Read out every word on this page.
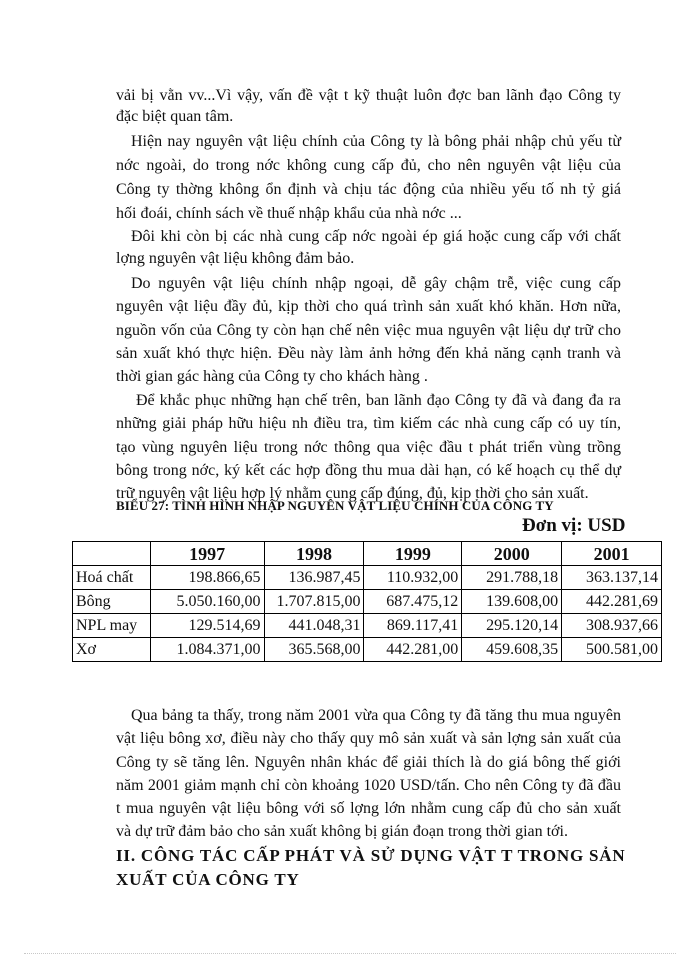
vải bị vằn vv...Vì vậy, vấn đề vật t kỹ thuật luôn đợc ban lãnh đạo Công ty
đặc biệt quan tâm.
Hiện nay nguyên vật liệu chính của Công ty là bông phải nhập chủ yếu từ
nớc ngoài, do trong nớc không cung cấp đủ, cho nên nguyên vật liệu của
Công ty thờng không ổn định và chịu tác động của nhiều yếu tố nh tỷ giá
hối đoái, chính sách về thuế nhập khẩu của nhà nớc ...
Đôi khi còn bị các nhà cung cấp nớc ngoài ép giá hoặc cung cấp với chất
lợng nguyên vật liệu không đảm bảo.
Do nguyên vật liệu chính nhập ngoại, dễ gây chậm trễ, việc cung cấp
nguyên vật liệu đầy đủ, kịp thời cho quá trình sản xuất khó khăn. Hơn nữa,
nguồn vốn của Công ty còn hạn chế nên việc mua nguyên vật liệu dự trữ cho
sản xuất khó thực hiện. Đều này làm ảnh hởng đến khả năng cạnh tranh và
thời gian gác hàng của Công ty cho khách hàng .
Để khắc phục những hạn chế trên, ban lãnh đạo Công ty đã và đang đa ra
những giải pháp hữu hiệu nh điều tra, tìm kiếm các nhà cung cấp có uy tín,
tạo vùng nguyên liệu trong nớc thông qua việc đầu t phát triển vùng trồng
bông trong nớc, ký kết các hợp đồng thu mua dài hạn, có kế hoạch cụ thể dự
trữ nguyên vật liệu hợp lý nhằm cung cấp đúng, đủ, kịp thời cho sản xuất.
BIỂU 27: TÌNH HÌNH NHẬP NGUYÊN VẬT LIỆU CHÍNH CỦA CÔNG TY
Đơn vị: USD
	1997	1998	1999	2000	2001
Hoá chất	198.866,65	136.987,45	110.932,00	291.788,18	363.137,14
Bông	5.050.160,00	1.707.815,00	687.475,12	139.608,00	442.281,69
NPL may	129.514,69	441.048,31	869.117,41	295.120,14	308.937,66
Xơ	1.084.371,00	365.568,00	442.281,00	459.608,35	500.581,00
Qua bảng ta thấy, trong năm 2001 vừa qua Công ty đã tăng thu mua nguyên
vật liệu bông xơ, điều này cho thấy quy mô sản xuất và sản lợng sản xuất của
Công ty sẽ tăng lên. Nguyên nhân khác để giải thích là do giá bông thế giới
năm 2001 giảm mạnh chỉ còn khoảng 1020 USD/tấn. Cho nên Công ty đã đầu
t mua nguyên vật liệu bông với số lợng lớn nhằm cung cấp đủ cho sản xuất
và dự trữ đảm bảo cho sản xuất không bị gián đoạn trong thời gian tới.
II. CÔNG TÁC CẤP PHÁT VÀ SỬ DỤNG VẬT T TRONG SẢN
XUẤT CỦA CÔNG TY
